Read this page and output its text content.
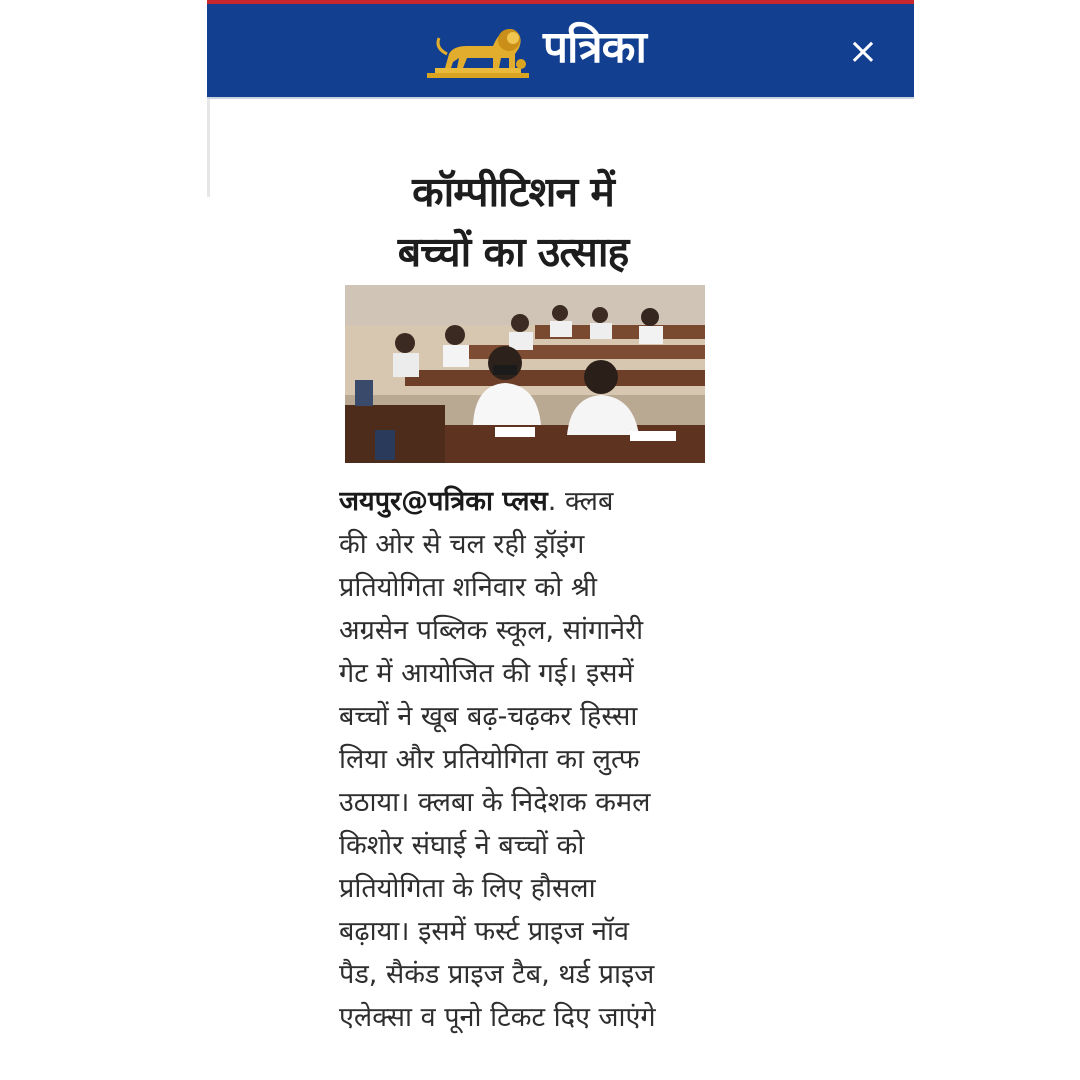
पत्रिका	×
कॉम्पीटिशन में
बच्चों का उत्साह
जयपुर@पत्रिका प्लस. क्लब
की ओर से चल रही ड्रॉइंग
प्रतियोगिता शनिवार को श्री
अग्रसेन पब्लिक स्कूल, सांगानेरी
गेट में आयोजित की गई। इसमें
बच्चों ने खूब बढ़-चढ़कर हिस्सा
लिया और प्रतियोगिता का लुत्फ
उठाया। क्लबा के निदेशक कमल
किशोर संघाई ने बच्चों को
प्रतियोगिता के लिए हौसला
बढ़ाया। इसमें फर्स्ट प्राइज नॉव
पैड, सैकंड प्राइज टैब, थर्ड प्राइज
एलेक्सा व पूनो टिकट दिए जाएंगे
